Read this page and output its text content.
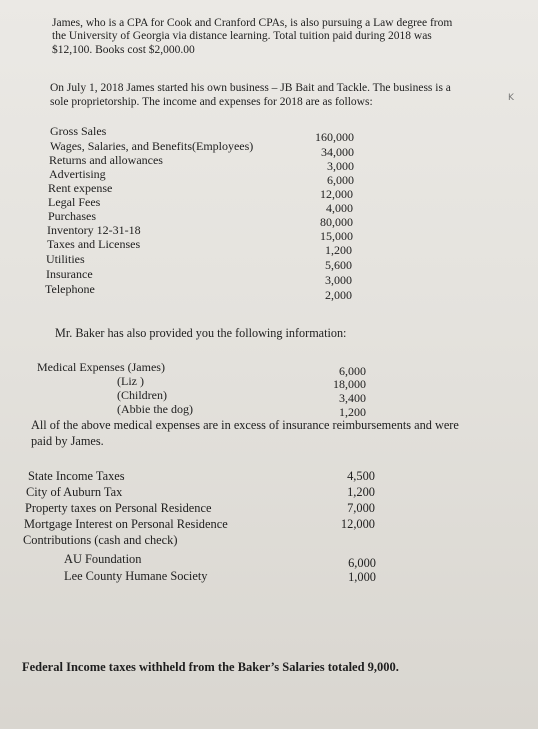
James, who is a CPA for Cook and Cranford CPAs, is also pursuing a Law degree from
the University of Georgia via distance learning. Total tuition paid during 2018 was
$12,100. Books cost $2,000.00
On July 1, 2018 James started his own business – JB Bait and Tackle. The business is a
sole proprietorship. The income and expenses for 2018 are as follows:	K
Gross Sales	160,000
Wages, Salaries, and Benefits(Employees)	34,000
Returns and allowances	3,000
Advertising	6,000
Rent expense	12,000
Legal Fees	4,000
Purchases	80,000
Inventory 12-31-18	15,000
Taxes and Licenses	1,200
Utilities	5,600
Insurance	3,000
Telephone	2,000
Mr. Baker has also provided you the following information:
Medical Expenses (James)	6,000
(Liz )	18,000
(Children)	3,400
(Abbie the dog)	1,200
All of the above medical expenses are in excess of insurance reimbursements and were
paid by James.
State Income Taxes	4,500
City of Auburn Tax	1,200
Property taxes on Personal Residence	7,000
Mortgage Interest on Personal Residence	12,000
Contributions (cash and check)
AU Foundation	6,000
Lee County Humane Society	1,000
Federal Income taxes withheld from the Baker’s Salaries totaled 9,000.
